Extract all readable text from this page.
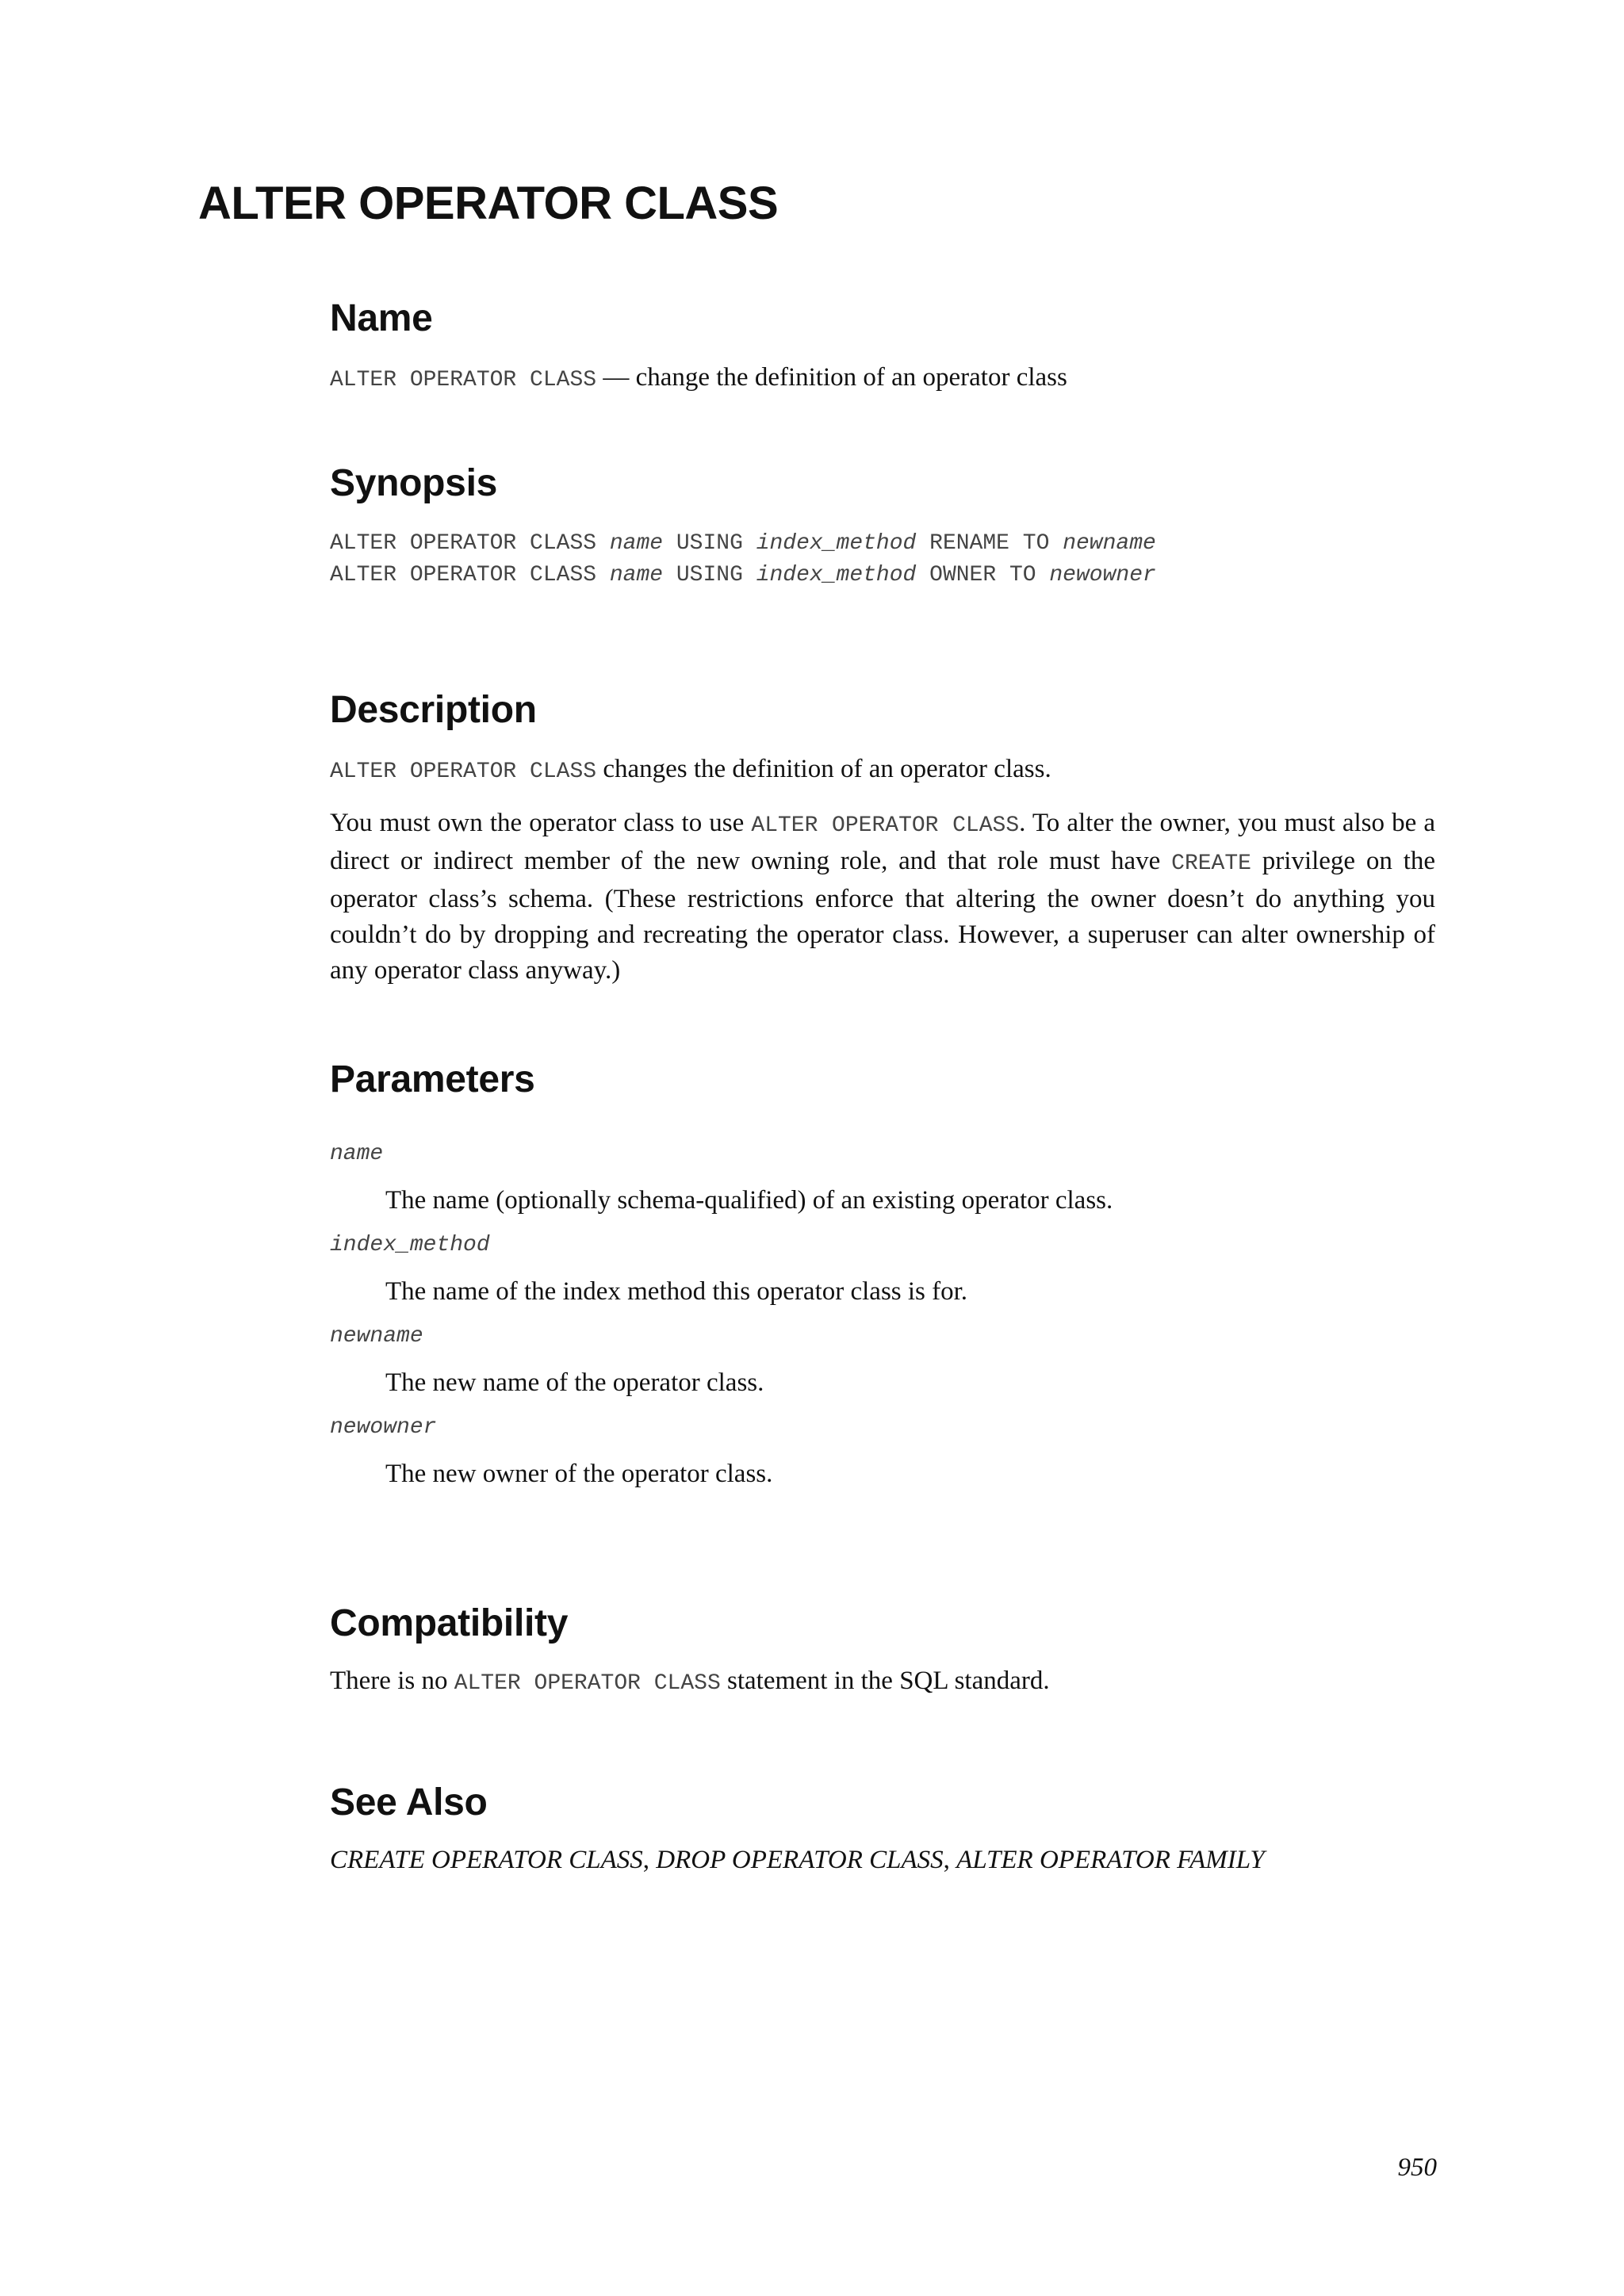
ALTER OPERATOR CLASS
Name

ALTER OPERATOR CLASS — change the definition of an operator class

Synopsis

ALTER OPERATOR CLASS name USING index_method RENAME TO newname

ALTER OPERATOR CLASS name USING index_method OWNER TO newowner

Description

ALTER OPERATOR CLASS changes the definition of an operator class.

You must own the operator class to use ALTER OPERATOR CLASS. To alter the owner, you must also be a direct or indirect member of the new owning role, and that role must have CREATE privilege on the operator class’s schema. (These restrictions enforce that altering the owner doesn’t do anything you couldn’t do by dropping and recreating the operator class. However, a superuser can alter ownership of any operator class anyway.)

Parameters

name

The name (optionally schema-qualified) of an existing operator class.

index_method

The name of the index method this operator class is for.

newname

The new name of the operator class.

newowner

The new owner of the operator class.

Compatibility

There is no ALTER OPERATOR CLASS statement in the SQL standard.

See Also

CREATE OPERATOR CLASS, DROP OPERATOR CLASS, ALTER OPERATOR FAMILY

950
